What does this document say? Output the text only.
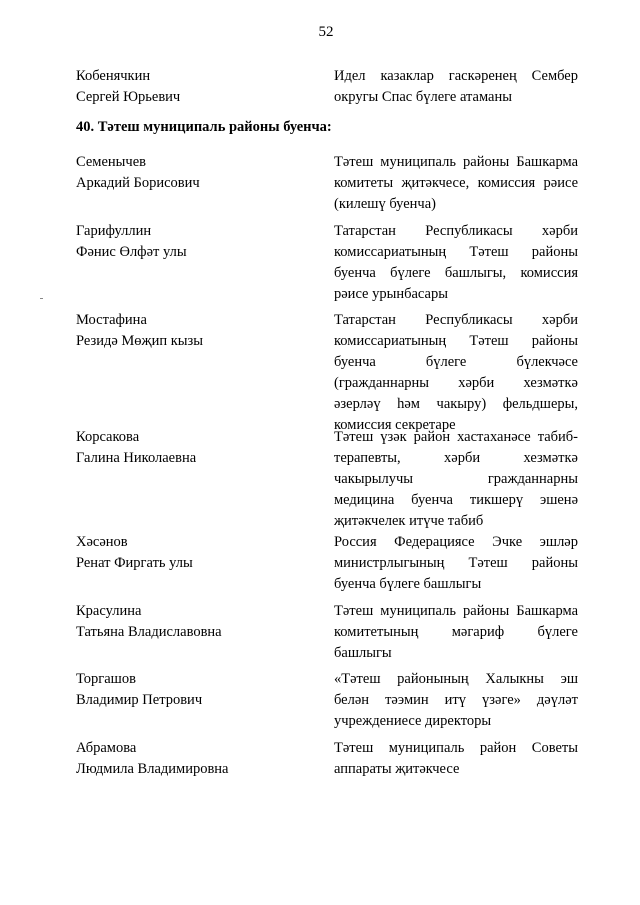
52
Кобенячкин
Сергей Юрьевич
Идел казаклар гаскәренең Сембер
округы Спас бүлеге атаманы
40. Тәтеш муниципаль районы буенча:
Семенычев
Аркадий Борисович
Тәтеш муниципаль районы Башкарма
комитеты җитәкчесе, комиссия рәисе
(килешү буенча)
Гарифуллин
Фәнис Өлфәт улы
Татарстан Республикасы хәрби
комиссариатының Тәтеш районы
буенча бүлеге башлыгы, комиссия
рәисе урынбасары
Мостафина
Резидә Мөҗип кызы
Татарстан Республикасы хәрби
комиссариатының Тәтеш районы
буенча бүлеге бүлекчәсе
(гражданнарны хәрби хезмәткә
әзерләү һәм чакыру) фельдшеры,
комиссия секретаре
Корсакова
Галина Николаевна
Тәтеш үзәк район хастаханәсе табиб-
терапевты, хәрби хезмәткә
чакырылучы гражданнарны
медицина буенча тикшерү эшенә
җитәкчелек итүче табиб
Хәсәнов
Ренат Фиргать улы
Россия Федерациясе Эчке эшләр
министрлыгының Тәтеш районы
буенча бүлеге башлыгы
Красулина
Татьяна Владиславовна
Тәтеш муниципаль районы Башкарма
комитетының мәгариф бүлеге
башлыгы
Торгашов
Владимир Петрович
«Тәтеш районының Халыкны эш
белән тәэмин итү үзәге» дәүләт
учреждениесе директоры
Абрамова
Людмила Владимировна
Тәтеш муниципаль район Советы
аппараты җитәкчесе
